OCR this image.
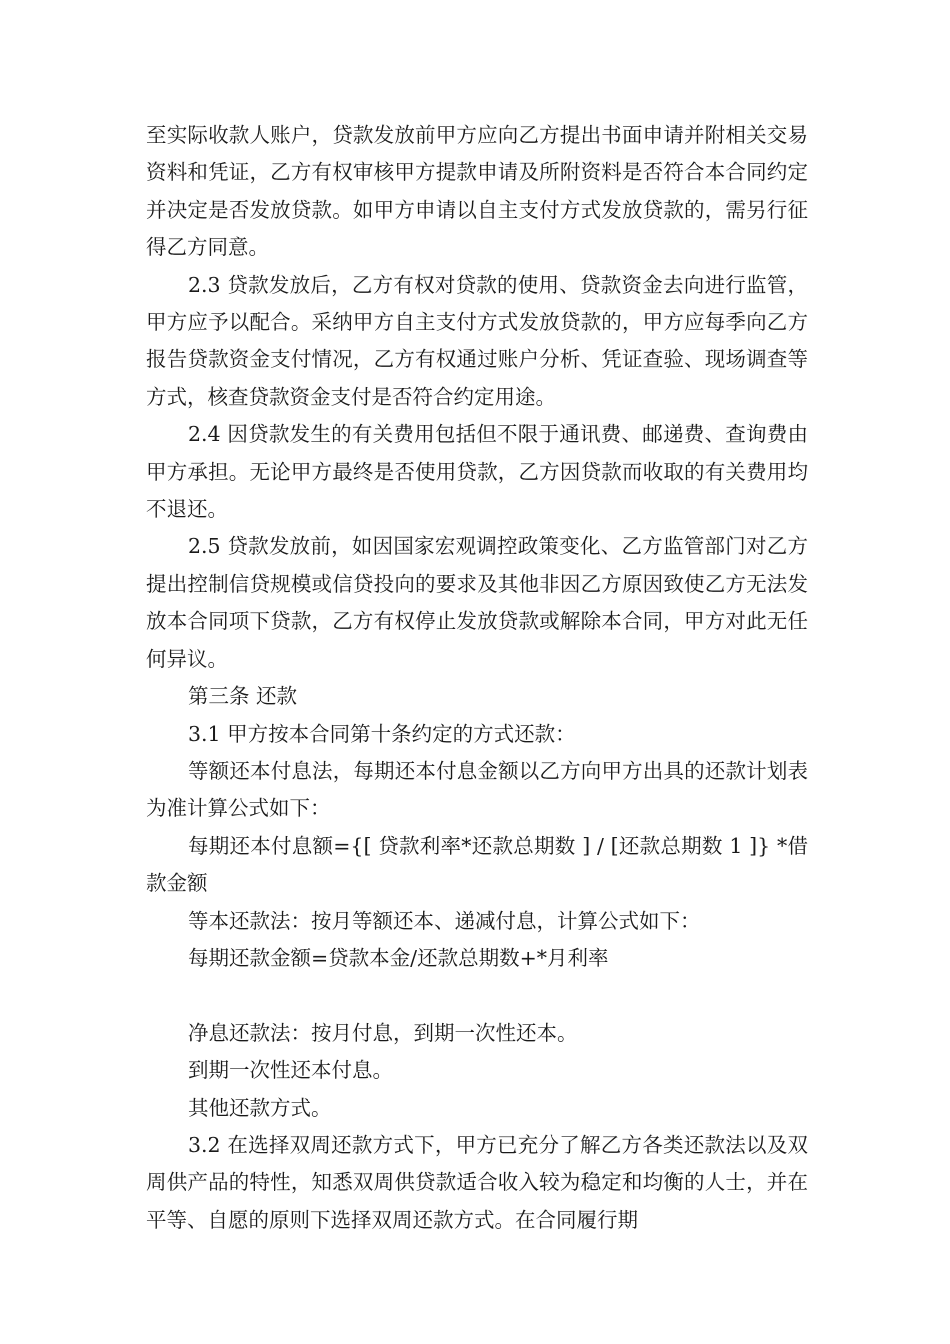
至实际收款人账户，贷款发放前甲方应向乙方提出书面申请并附相关交易资料和凭证，乙方有权审核甲方提款申请及所附资料是否符合本合同约定并决定是否发放贷款。如甲方申请以自主支付方式发放贷款的，需另行征得乙方同意。

2.3 贷款发放后，乙方有权对贷款的使用、贷款资金去向进行监管，甲方应予以配合。采纳甲方自主支付方式发放贷款的，甲方应每季向乙方报告贷款资金支付情况，乙方有权通过账户分析、凭证查验、现场调查等方式，核查贷款资金支付是否符合约定用途。

2.4 因贷款发生的有关费用包括但不限于通讯费、邮递费、查询费由甲方承担。无论甲方最终是否使用贷款，乙方因贷款而收取的有关费用均不退还。

2.5 贷款发放前，如因国家宏观调控政策变化、乙方监管部门对乙方提出控制信贷规模或信贷投向的要求及其他非因乙方原因致使乙方无法发放本合同项下贷款，乙方有权停止发放贷款或解除本合同，甲方对此无任何异议。

第三条 还款

3.1 甲方按本合同第十条约定的方式还款：

等额还本付息法，每期还本付息金额以乙方向甲方出具的还款计划表为准计算公式如下：

每期还本付息额={[ 贷款利率*还款总期数 ] / [还款总期数 1 ]} *借款金额

等本还款法：按月等额还本、递减付息，计算公式如下：

每期还款金额=贷款本金/还款总期数+*月利率

净息还款法：按月付息，到期一次性还本。

到期一次性还本付息。

其他还款方式。

3.2 在选择双周还款方式下，甲方已充分了解乙方各类还款法以及双周供产品的特性，知悉双周供贷款适合收入较为稳定和均衡的人士，并在平等、自愿的原则下选择双周还款方式。在合同履行期
